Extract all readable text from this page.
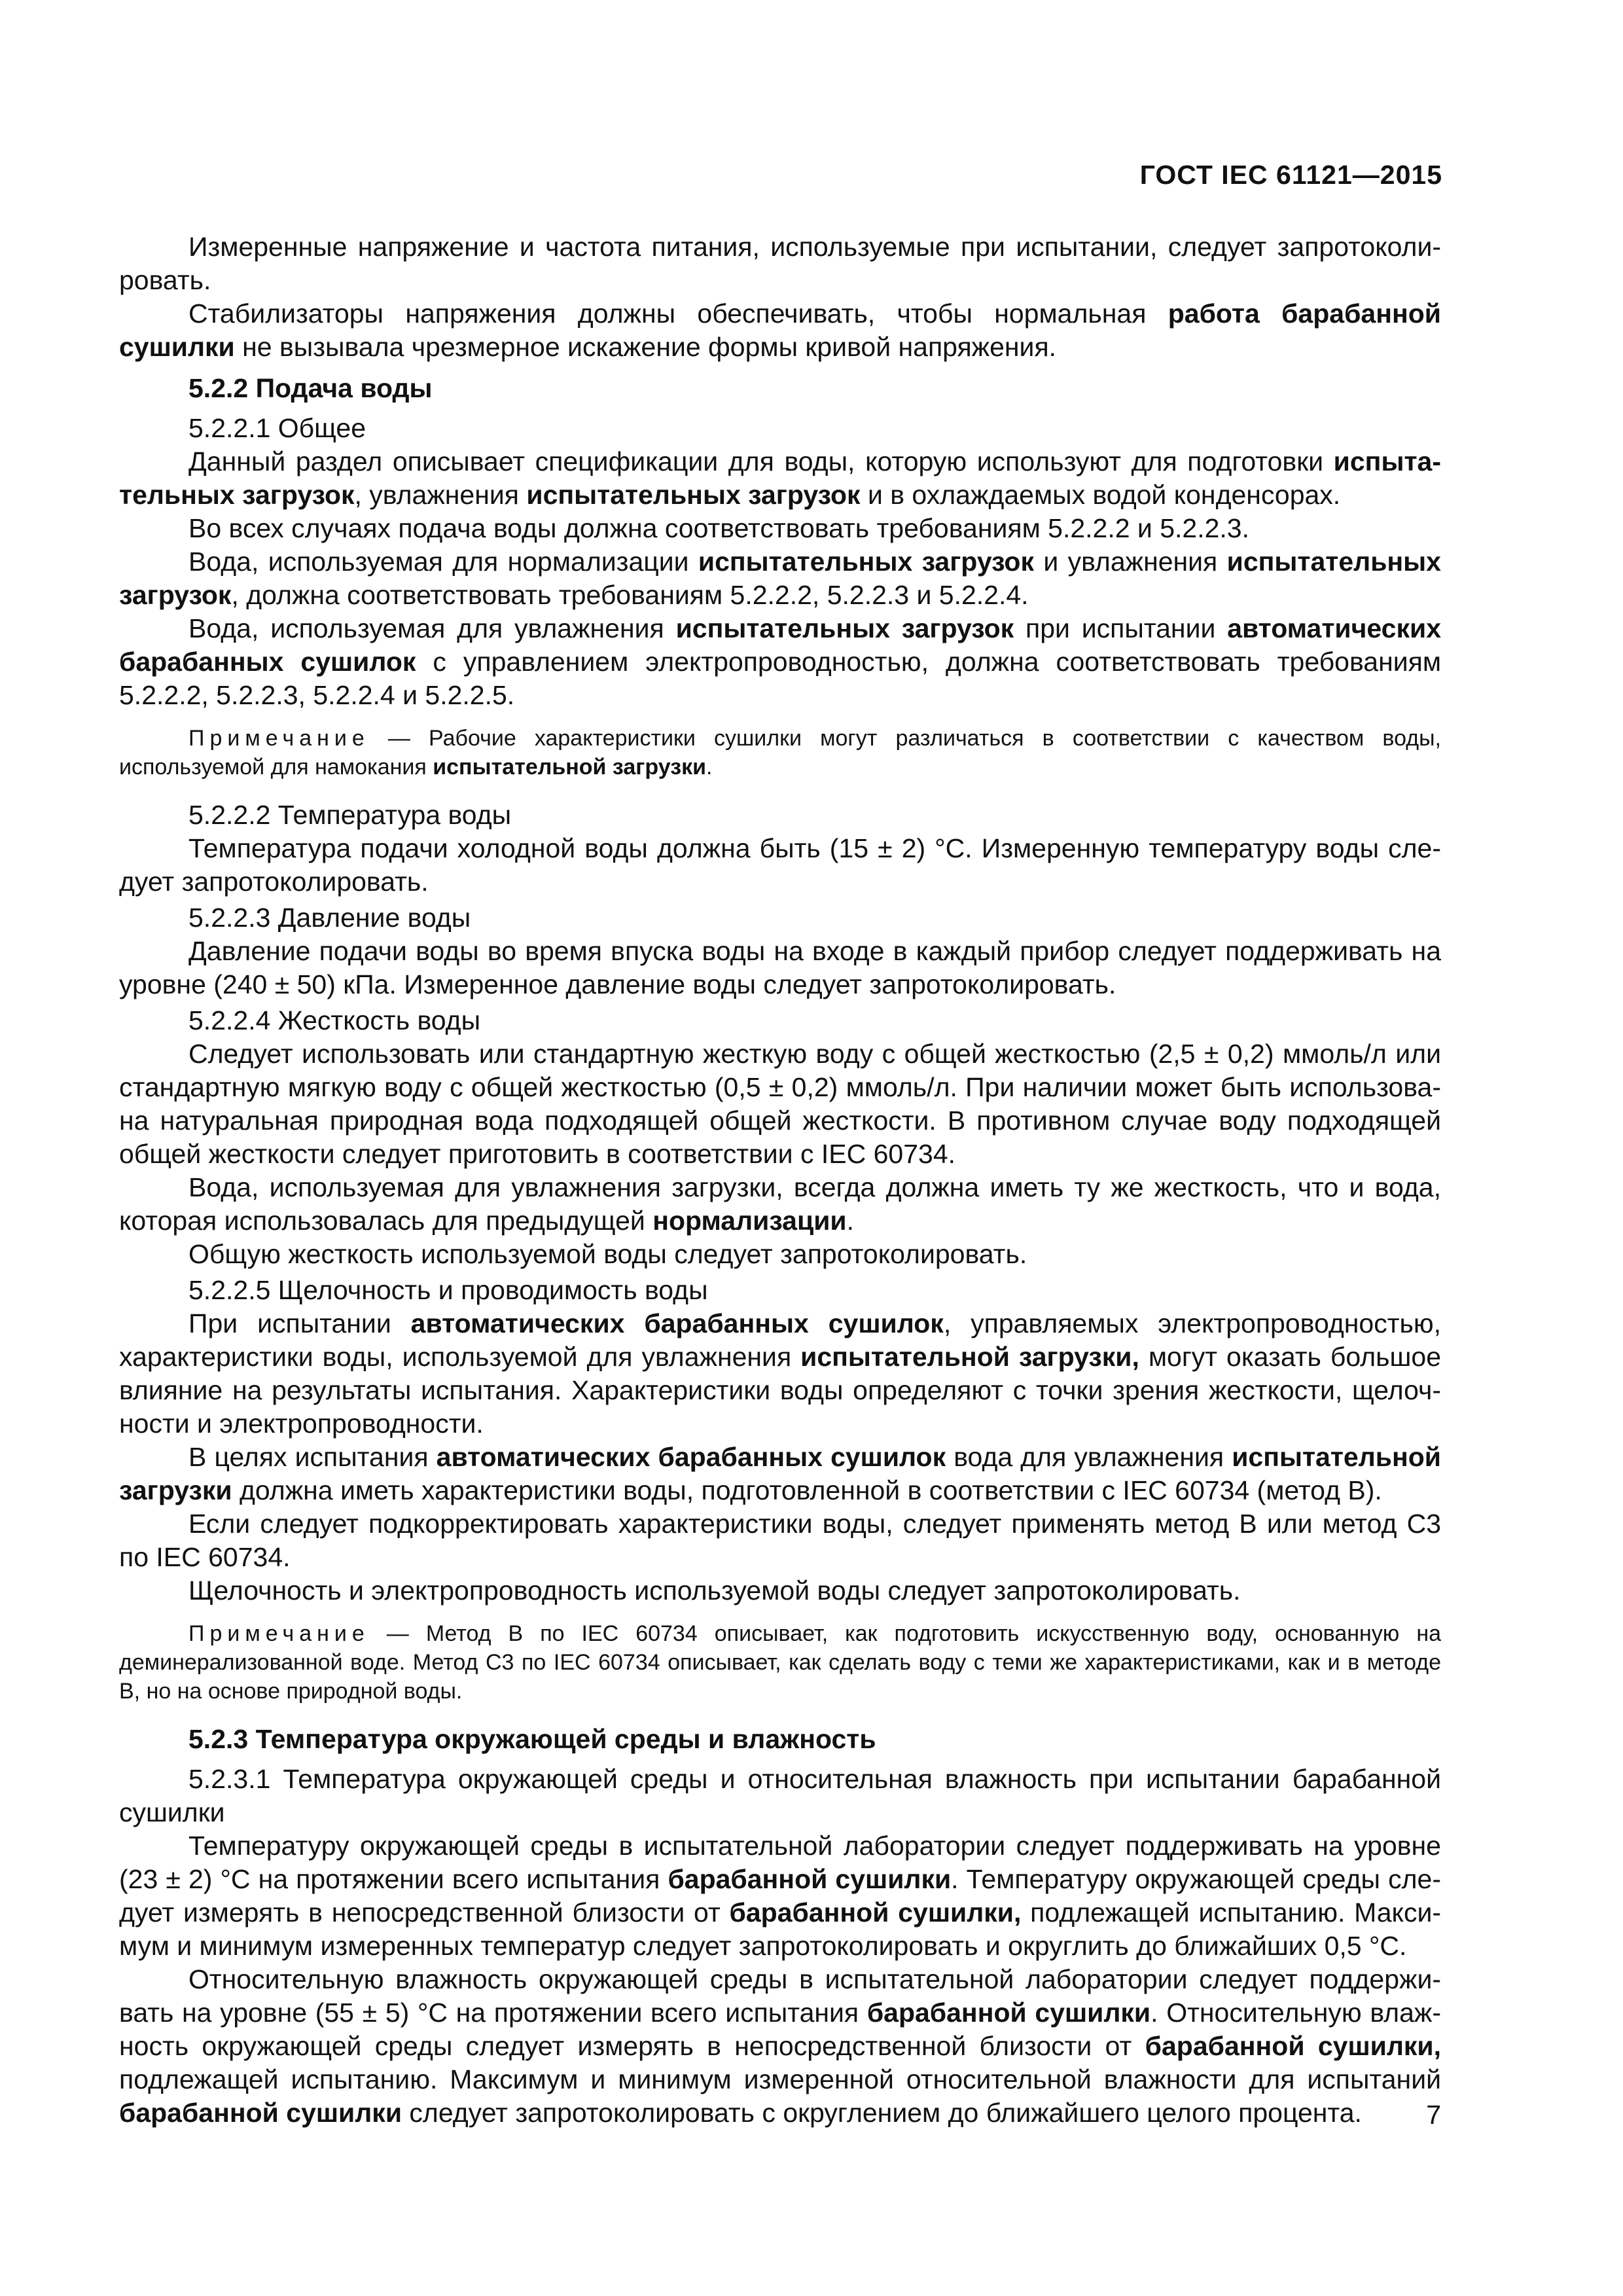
ГОСТ IEC 61121—2015

Измеренные напряжение и частота питания, используемые при испытании, следует запротоколировать.

Стабилизаторы напряжения должны обеспечивать, чтобы нормальная работа барабанной сушилки не вызывала чрезмерное искажение формы кривой напряжения.

5.2.2 Подача воды

5.2.2.1 Общее

Данный раздел описывает спецификации для воды, которую используют для подготовки испытательных загрузок, увлажнения испытательных загрузок и в охлаждаемых водой конденсорах.

Во всех случаях подача воды должна соответствовать требованиям 5.2.2.2 и 5.2.2.3.

Вода, используемая для нормализации испытательных загрузок и увлажнения испытательных загрузок, должна соответствовать требованиям 5.2.2.2, 5.2.2.3 и 5.2.2.4.

Вода, используемая для увлажнения испытательных загрузок при испытании автоматических барабанных сушилок с управлением электропроводностью, должна соответствовать требованиям 5.2.2.2, 5.2.2.3, 5.2.2.4 и 5.2.2.5.

Примечание — Рабочие характеристики сушилки могут различаться в соответствии с качеством воды, используемой для намокания испытательной загрузки.

5.2.2.2 Температура воды

Температура подачи холодной воды должна быть (15 ± 2) °С. Измеренную температуру воды следует запротоколировать.

5.2.2.3 Давление воды

Давление подачи воды во время впуска воды на входе в каждый прибор следует поддерживать на уровне (240 ± 50) кПа. Измеренное давление воды следует запротоколировать.

5.2.2.4 Жесткость воды

Следует использовать или стандартную жесткую воду с общей жесткостью (2,5 ± 0,2) ммоль/л или стандартную мягкую воду с общей жесткостью (0,5 ± 0,2) ммоль/л. При наличии может быть использована натуральная природная вода подходящей общей жесткости. В противном случае воду подходящей общей жесткости следует приготовить в соответствии с IEC 60734.

Вода, используемая для увлажнения загрузки, всегда должна иметь ту же жесткость, что и вода, которая использовалась для предыдущей нормализации.

Общую жесткость используемой воды следует запротоколировать.

5.2.2.5 Щелочность и проводимость воды

При испытании автоматических барабанных сушилок, управляемых электропроводностью, характеристики воды, используемой для увлажнения испытательной загрузки, могут оказать большое влияние на результаты испытания. Характеристики воды определяют с точки зрения жесткости, щелочности и электропроводности.

В целях испытания автоматических барабанных сушилок вода для увлажнения испытательной загрузки должна иметь характеристики воды, подготовленной в соответствии с IEC 60734 (метод В).

Если следует подкорректировать характеристики воды, следует применять метод В или метод С3 по IEC 60734.

Щелочность и электропроводность используемой воды следует запротоколировать.

Примечание — Метод В по IEC 60734 описывает, как подготовить искусственную воду, основанную на деминерализованной воде. Метод С3 по IEC 60734 описывает, как сделать воду с теми же характеристиками, как и в методе В, но на основе природной воды.

5.2.3 Температура окружающей среды и влажность

5.2.3.1 Температура окружающей среды и относительная влажность при испытании барабанной сушилки

Температуру окружающей среды в испытательной лаборатории следует поддерживать на уровне (23 ± 2) °С на протяжении всего испытания барабанной сушилки. Температуру окружающей среды следует измерять в непосредственной близости от барабанной сушилки, подлежащей испытанию. Максимум и минимум измеренных температур следует запротоколировать и округлить до ближайших 0,5 °С.

Относительную влажность окружающей среды в испытательной лаборатории следует поддерживать на уровне (55 ± 5) °С на протяжении всего испытания барабанной сушилки. Относительную влажность окружающей среды следует измерять в непосредственной близости от барабанной сушилки, подлежащей испытанию. Максимум и минимум измеренной относительной влажности для испытаний барабанной сушилки следует запротоколировать с округлением до ближайшего целого процента.	7
